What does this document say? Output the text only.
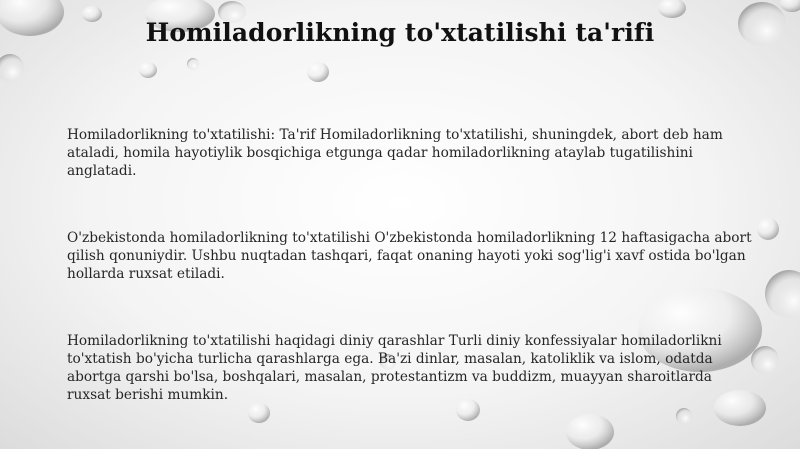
Homiladorlikning to'xtatilishi ta'rifi

Homiladorlikning to'xtatilishi: Ta'rif Homiladorlikning to'xtatilishi, shuningdek, abort deb ham ataladi, homila hayotiylik bosqichiga etgunga qadar homiladorlikning ataylab tugatilishini anglatadi.

O'zbekistonda homiladorlikning to'xtatilishi O'zbekistonda homiladorlikning 12 haftasigacha abort qilish qonuniydir. Ushbu nuqtadan tashqari, faqat onaning hayoti yoki sog'lig'i xavf ostida bo'lgan hollarda ruxsat etiladi.

Homiladorlikning to'xtatilishi haqidagi diniy qarashlar Turli diniy konfessiyalar homiladorlikni to'xtatish bo'yicha turlicha qarashlarga ega. Ba'zi dinlar, masalan, katoliklik va islom, odatda abortga qarshi bo'lsa, boshqalari, masalan, protestantizm va buddizm, muayyan sharoitlarda ruxsat berishi mumkin.
